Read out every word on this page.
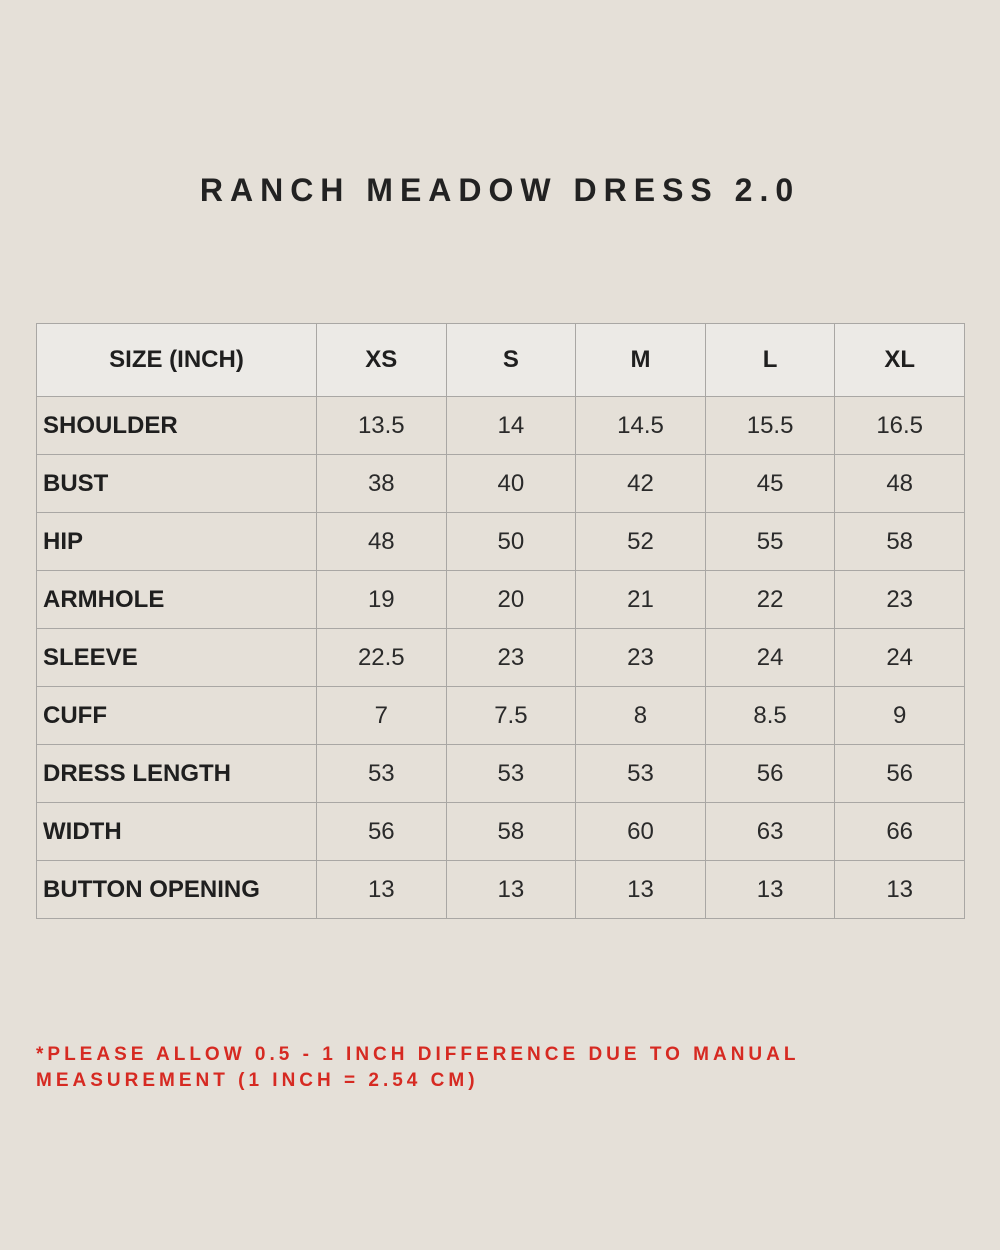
RANCH MEADOW DRESS 2.0
SIZE (INCH)	XS	S	M	L	XL
SHOULDER	13.5	14	14.5	15.5	16.5
BUST	38	40	42	45	48
HIP	48	50	52	55	58
ARMHOLE	19	20	21	22	23
SLEEVE	22.5	23	23	24	24
CUFF	7	7.5	8	8.5	9
DRESS LENGTH	53	53	53	56	56
WIDTH	56	58	60	63	66
BUTTON OPENING	13	13	13	13	13
*PLEASE ALLOW 0.5 - 1 INCH DIFFERENCE DUE TO MANUAL
MEASUREMENT (1 INCH = 2.54 CM)
